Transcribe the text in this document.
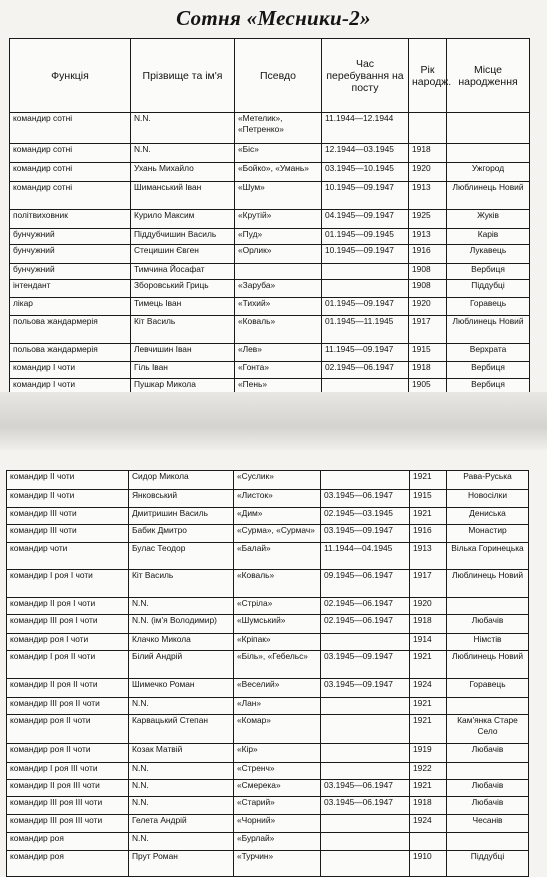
Сотня «Месники-2»
Функція	Прізвище та ім'я	Псевдо	Час перебування на посту	Рік народж.	Місце народження
командир сотні	N.N.	«Метелик», «Петренко»	11.1944—12.1944		
командир сотні	N.N.	«Біс»	12.1944—03.1945	1918	
командир сотні	Ухань Михайло	«Бойко», «Умань»	03.1945—10.1945	1920	Ужгород
командир сотні	Шиманський Іван	«Шум»	10.1945—09.1947	1913	Люблинець Новий
політвиховник	Курило Максим	«Крутій»	04.1945—09.1947	1925	Жуків
бунчужний	Піддубчишин Василь	«Пуд»	01.1945—09.1945	1913	Карів
бунчужний	Стецишин Євген	«Орлик»	10.1945—09.1947	1916	Лукавець
бунчужний	Тимчина Йосафат			1908	Вербиця
інтендант	Зборовський Гриць	«Заруба»		1908	Піддубці
лікар	Тимець Іван	«Тихий»	01.1945—09.1947	1920	Горавець
польова жандармерія	Кіт Василь	«Коваль»	01.1945—11.1945	1917	Люблинець Новий
польова жандармерія	Левчишин Іван	«Лев»	11.1945—09.1947	1915	Верхрата
командир І чоти	Гіль Іван	«Гонта»	02.1945—06.1947	1918	Вербиця
командир І чоти	Пушкар Микола	«Пень»		1905	Вербиця

командир ІІ чоти	Сидор Микола	«Суслик»		1921	Рава-Руська
командир ІІ чоти	Янковський	«Листок»	03.1945—06.1947	1915	Новосілки
командир ІІІ чоти	Дмитришин Василь	«Дим»	02.1945—03.1945	1921	Дениська
командир ІІІ чоти	Бабик Дмитро	«Сурма», «Сурмач»	03.1945—09.1947	1916	Монастир
командир чоти	Булас Теодор	«Балай»	11.1944—04.1945	1913	Вілька Горинецька
командир І роя І чоти	Кіт Василь	«Коваль»	09.1945—06.1947	1917	Люблинець Новий
командир ІІ роя І чоти	N.N.	«Стріла»	02.1945—06.1947	1920	
командир ІІІ роя І чоти	N.N. (ім'я Володимир)	«Шумський»	02.1945—06.1947	1918	Любачів
командир роя І чоти	Клачко Микола	«Кріпак»		1914	Німстів
командир І роя ІІ чоти	Білий Андрій	«Біль», «Гебельс»	03.1945—09.1947	1921	Люблинець Новий
командир ІІ роя ІІ чоти	Шимечко Роман	«Веселий»	03.1945—09.1947	1924	Горавець
командир ІІІ роя ІІ чоти	N.N.	«Лан»		1921	
командир роя ІІ чоти	Карвацький Степан	«Комар»		1921	Кам'янка Старе Село
командир роя ІІ чоти	Козак Матвій	«Кір»		1919	Любачів
командир І роя ІІІ чоти	N.N.	«Стренч»		1922	
командир ІІ роя ІІІ чоти	N.N.	«Смерека»	03.1945—06.1947	1921	Любачів
командир ІІІ роя ІІІ чоти	N.N.	«Старий»	03.1945—06.1947	1918	Любачів
командир ІІІ роя ІІІ чоти	Гелета Андрій	«Чорний»		1924	Чесанів
командир роя	N.N.	«Бурлай»			
командир роя	Прут Роман	«Турчин»		1910	Піддубці
